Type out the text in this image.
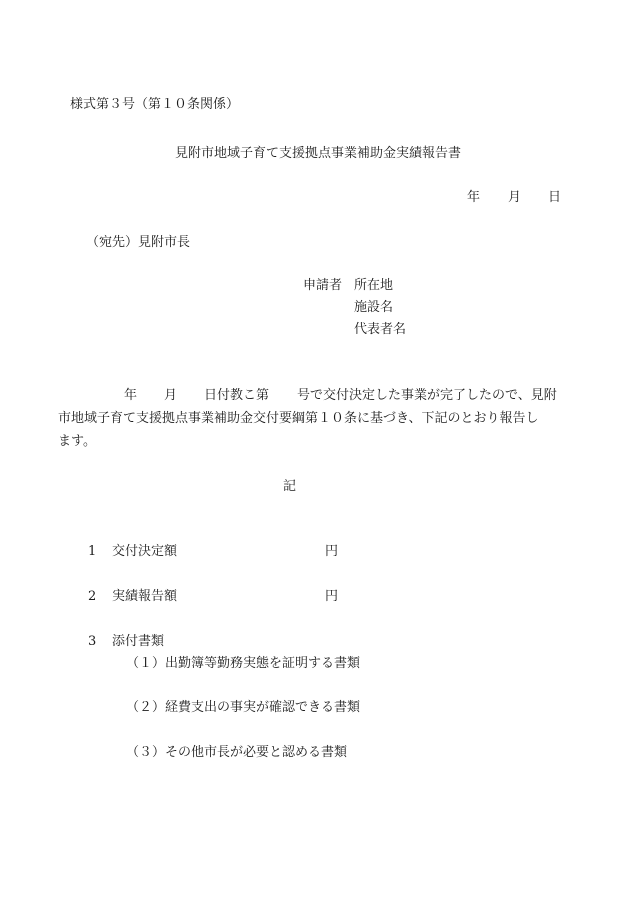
様式第３号（第１０条関係）
見附市地域子育て支援拠点事業補助金実績報告書
年 月 日
（宛先）見附市長
申請者 所在地
施設名
代表者名
年 月 日付教こ第 号で交付決定した事業が完了したので、見附
市地域子育て支援拠点事業補助金交付要綱第１０条に基づき、下記のとおり報告し
ます。
記
1 交付決定額	円
2 実績報告額	円
3 添付書類
（１）出勤簿等勤務実態を証明する書類
（２）経費支出の事実が確認できる書類
（３）その他市長が必要と認める書類
